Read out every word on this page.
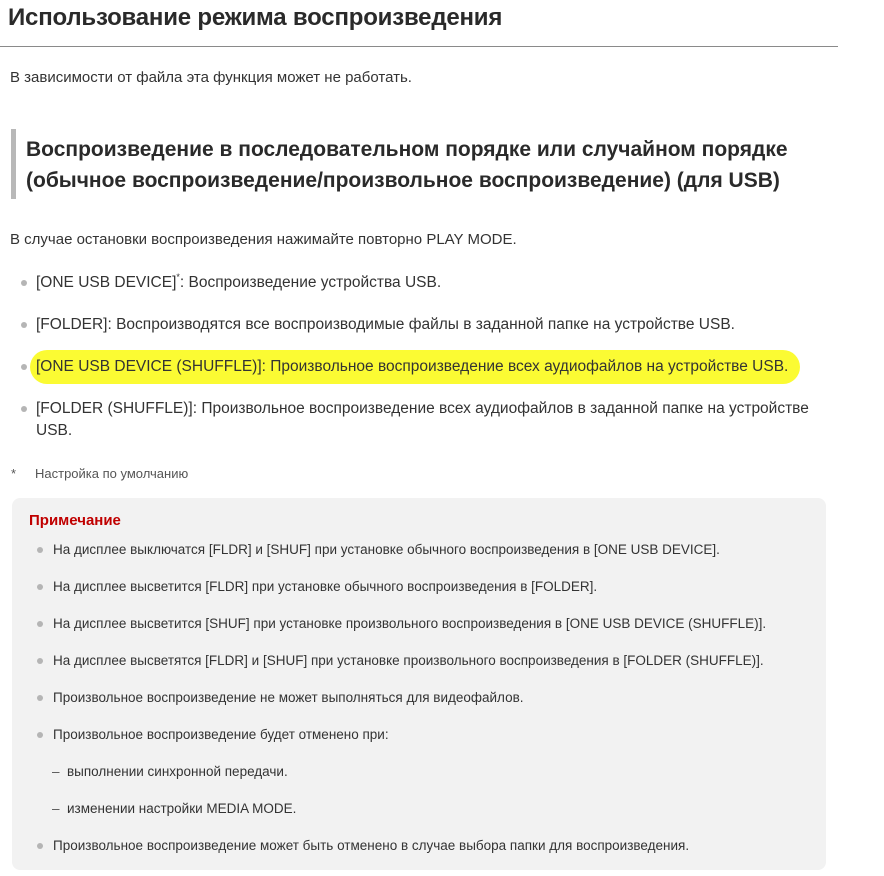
Использование режима воспроизведения
В зависимости от файла эта функция может не работать.
Воспроизведение в последовательном порядке или случайном порядке (обычное воспроизведение/произвольное воспроизведение) (для USB)
В случае остановки воспроизведения нажимайте повторно PLAY MODE.
[ONE USB DEVICE]*: Воспроизведение устройства USB.
[FOLDER]: Воспроизводятся все воспроизводимые файлы в заданной папке на устройстве USB.
[ONE USB DEVICE (SHUFFLE)]: Произвольное воспроизведение всех аудиофайлов на устройстве USB.
[FOLDER (SHUFFLE)]: Произвольное воспроизведение всех аудиофайлов в заданной папке на устройстве USB.
* Настройка по умолчанию
Примечание
На дисплее выключатся [FLDR] и [SHUF] при установке обычного воспроизведения в [ONE USB DEVICE].
На дисплее высветится [FLDR] при установке обычного воспроизведения в [FOLDER].
На дисплее высветится [SHUF] при установке произвольного воспроизведения в [ONE USB DEVICE (SHUFFLE)].
На дисплее высветятся [FLDR] и [SHUF] при установке произвольного воспроизведения в [FOLDER (SHUFFLE)].
Произвольное воспроизведение не может выполняться для видеофайлов.
Произвольное воспроизведение будет отменено при:
– выполнении синхронной передачи.
– изменении настройки MEDIA MODE.
Произвольное воспроизведение может быть отменено в случае выбора папки для воспроизведения.
